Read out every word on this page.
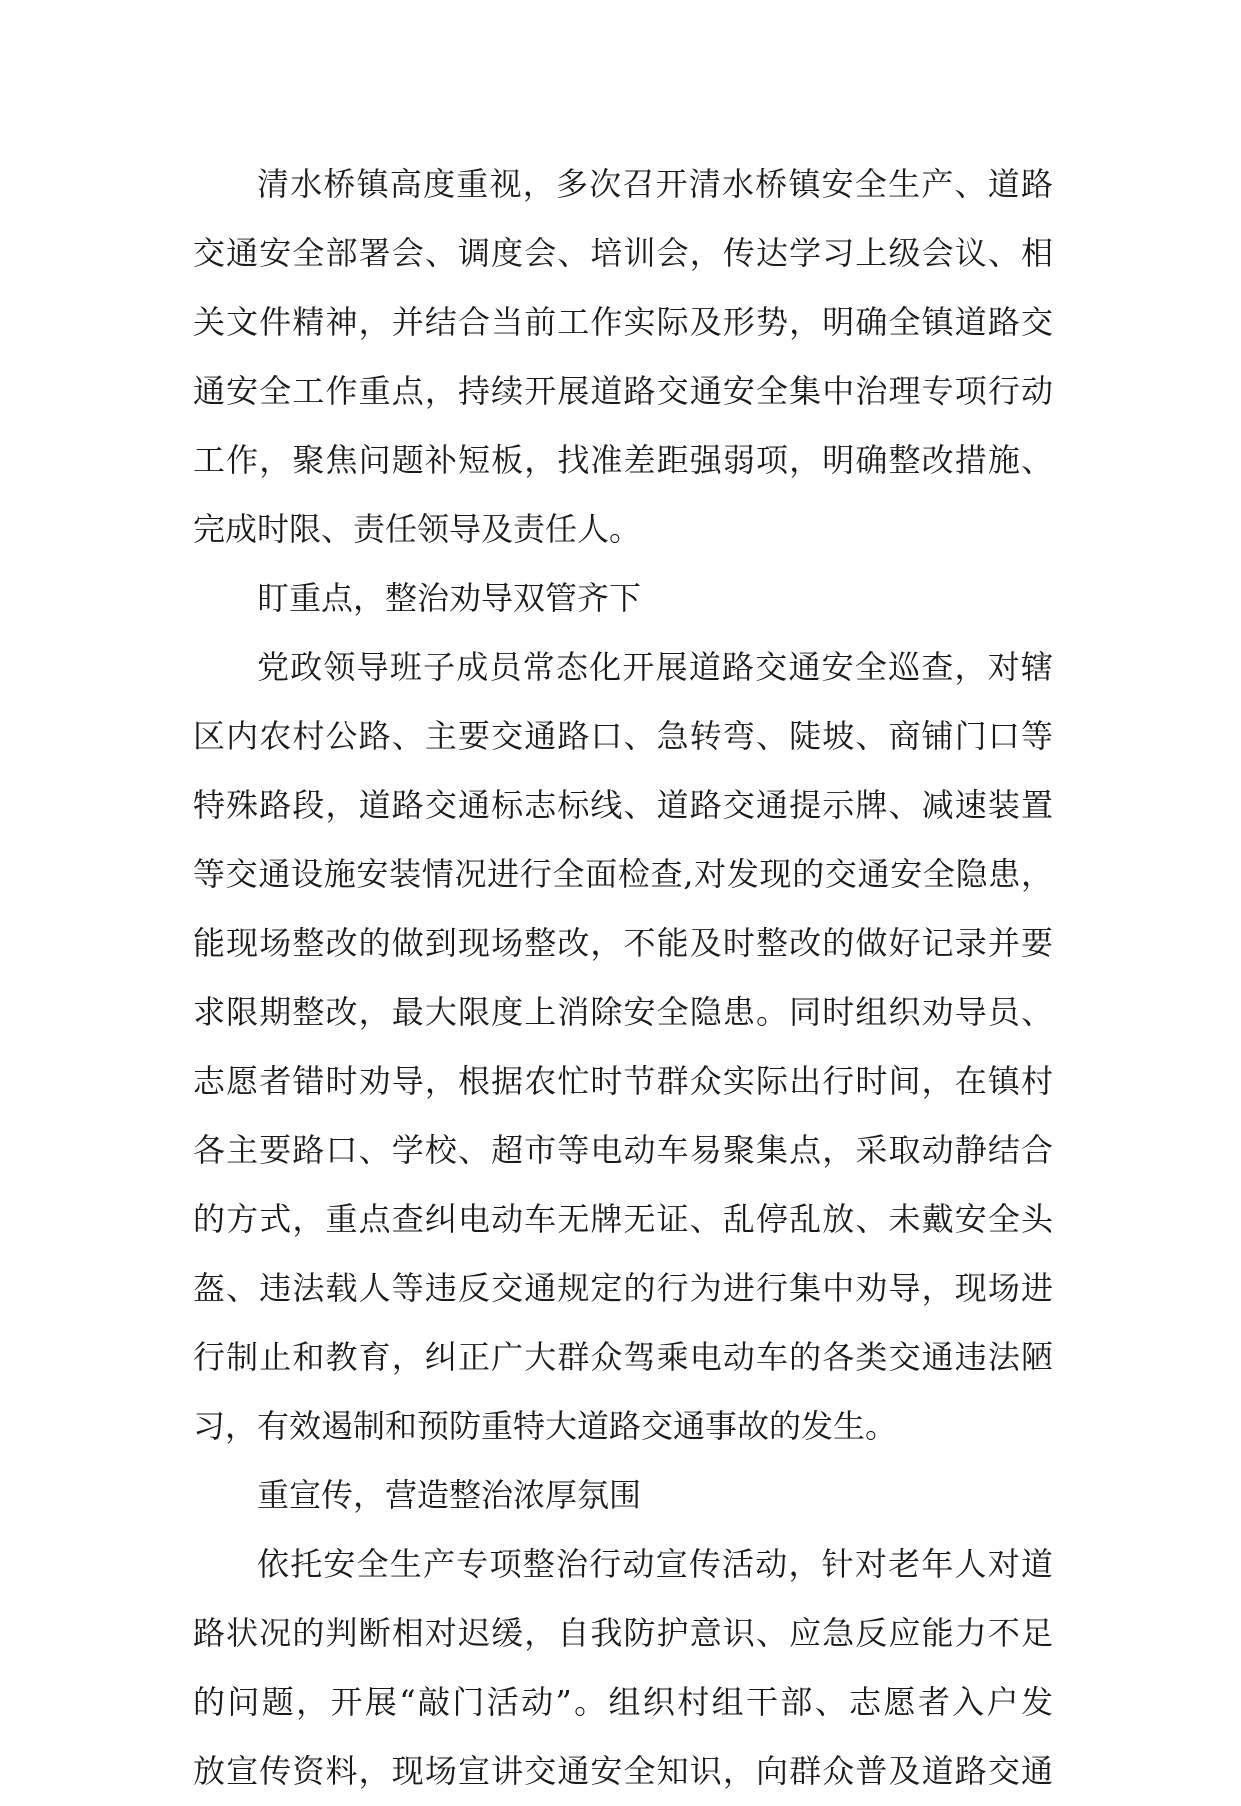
清水桥镇高度重视，多次召开清水桥镇安全生产、道路
交通安全部署会、调度会、培训会，传达学习上级会议、相
关文件精神，并结合当前工作实际及形势，明确全镇道路交
通安全工作重点，持续开展道路交通安全集中治理专项行动
工作，聚焦问题补短板，找准差距强弱项，明确整改措施、
完成时限、责任领导及责任人。
盯重点，整治劝导双管齐下
党政领导班子成员常态化开展道路交通安全巡查，对辖
区内农村公路、主要交通路口、急转弯、陡坡、商铺门口等
特殊路段，道路交通标志标线、道路交通提示牌、减速装置
等交通设施安装情况进行全面检查,对发现的交通安全隐患，
能现场整改的做到现场整改，不能及时整改的做好记录并要
求限期整改，最大限度上消除安全隐患。同时组织劝导员、
志愿者错时劝导，根据农忙时节群众实际出行时间，在镇村
各主要路口、学校、超市等电动车易聚集点，采取动静结合
的方式，重点查纠电动车无牌无证、乱停乱放、未戴安全头
盔、违法载人等违反交通规定的行为进行集中劝导，现场进
行制止和教育，纠正广大群众驾乘电动车的各类交通违法陋
习，有效遏制和预防重特大道路交通事故的发生。
重宣传，营造整治浓厚氛围
依托安全生产专项整治行动宣传活动，针对老年人对道
路状况的判断相对迟缓，自我防护意识、应急反应能力不足
的问题，开展“敲门活动”。组织村组干部、志愿者入户发
放宣传资料，现场宣讲交通安全知识，向群众普及道路交通
